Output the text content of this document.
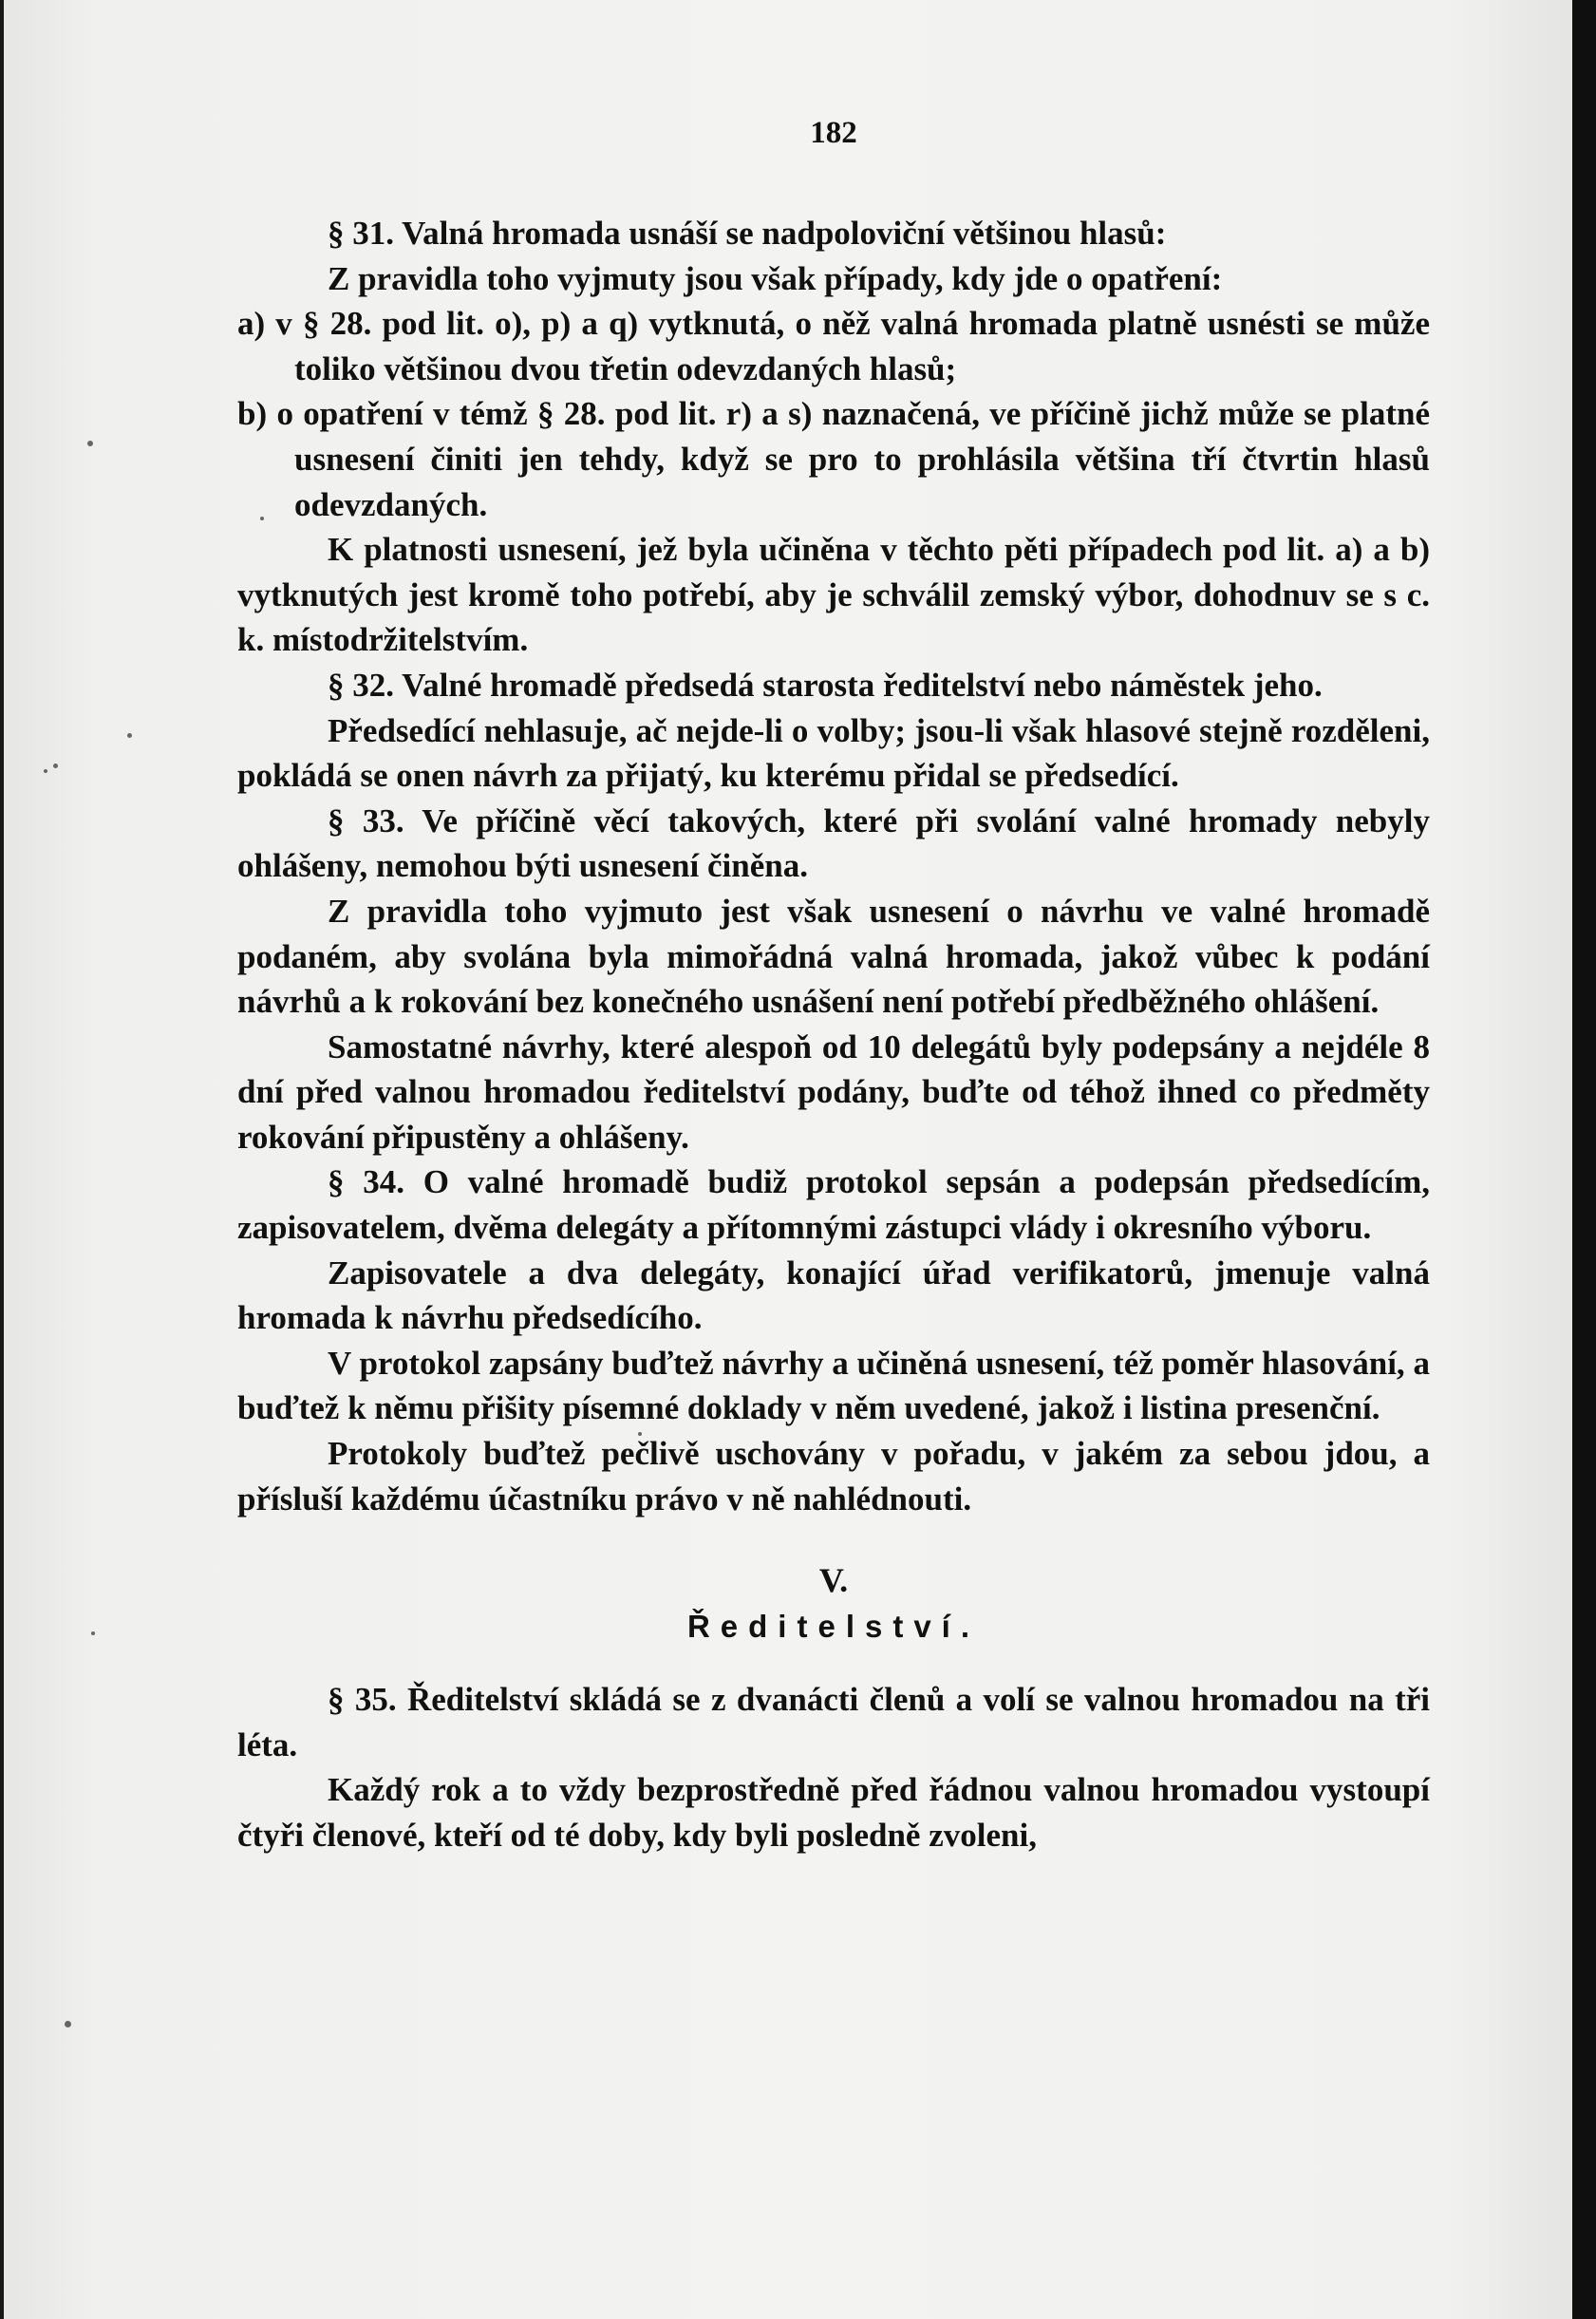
182

§ 31. Valná hromada usnáší se nadpoloviční většinou hlasů:

Z pravidla toho vyjmuty jsou však případy, kdy jde o opatření:

a) v § 28. pod lit. o), p) a q) vytknutá, o něž valná hromada platně usnésti se může toliko většinou dvou třetin odevzdaných hlasů;

b) o opatření v témž § 28. pod lit. r) a s) naznačená, ve příčině jichž může se platné usnesení činiti jen tehdy, když se pro to prohlásila většina tří čtvrtin hlasů odevzdaných.

K platnosti usnesení, jež byla učiněna v těchto pěti případech pod lit. a) a b) vytknutých jest kromě toho potřebí, aby je schválil zemský výbor, dohodnuv se s c. k. místodržitelstvím.

§ 32. Valné hromadě předsedá starosta ředitelství nebo náměstek jeho.

Předsedící nehlasuje, ač nejde-li o volby; jsou-li však hlasové stejně rozděleni, pokládá se onen návrh za přijatý, ku kterému přidal se předsedící.

§ 33. Ve příčině věcí takových, které při svolání valné hromady nebyly ohlášeny, nemohou býti usnesení činěna.

Z pravidla toho vyjmuto jest však usnesení o návrhu ve valné hromadě podaném, aby svolána byla mimořádná valná hromada, jakož vůbec k podání návrhů a k rokování bez konečného usnášení není potřebí předběžného ohlášení.

Samostatné návrhy, které alespoň od 10 delegátů byly podepsány a nejdéle 8 dní před valnou hromadou ředitelství podány, buďte od téhož ihned co předměty rokování připustěny a ohlášeny.

§ 34. O valné hromadě budiž protokol sepsán a podepsán předsedícím, zapisovatelem, dvěma delegáty a přítomnými zástupci vlády i okresního výboru.

Zapisovatele a dva delegáty, konající úřad verifikatorů, jmenuje valná hromada k návrhu předsedícího.

V protokol zapsány buďtež návrhy a učiněná usnesení, též poměr hlasování, a buďtež k němu přišity písemné doklady v něm uvedené, jakož i listina presenční.

Protokoly buďtež pečlivě uschovány v pořadu, v jakém za sebou jdou, a přísluší každému účastníku právo v ně nahlédnouti.

V.
Ředitelství.

§ 35. Ředitelství skládá se z dvanácti členů a volí se valnou hromadou na tři léta.

Každý rok a to vždy bezprostředně před řádnou valnou hromadou vystoupí čtyři členové, kteří od té doby, kdy byli posledně zvoleni,
